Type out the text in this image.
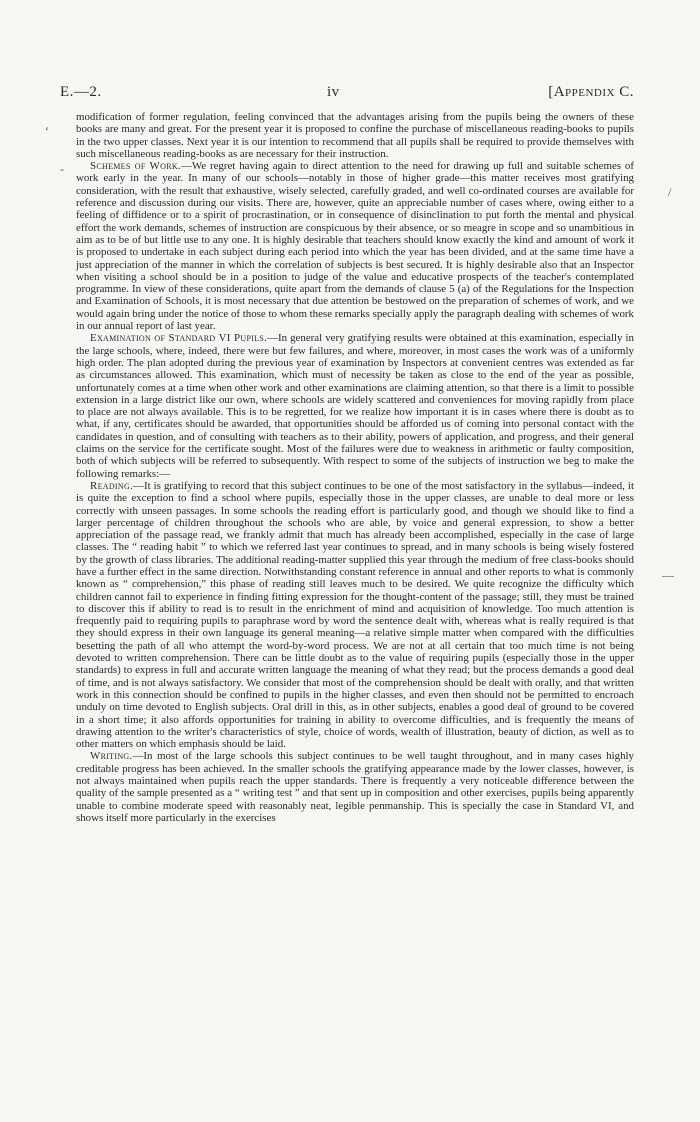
E.—2.	iv	[Appendix C.
‘
-
/
—

modification of former regulation, feeling convinced that the advantages arising from the pupils being the owners of these books are many and great. For the present year it is proposed to confine the purchase of miscellaneous reading-books to pupils in the two upper classes. Next year it is our intention to recommend that all pupils shall be required to provide themselves with such miscellaneous reading-books as are necessary for their instruction.

Schemes of Work.—We regret having again to direct attention to the need for drawing up full and suitable schemes of work early in the year. In many of our schools—notably in those of higher grade—this matter receives most gratifying consideration, with the result that exhaustive, wisely selected, carefully graded, and well co-ordinated courses are available for reference and discussion during our visits. There are, however, quite an appreciable number of cases where, owing either to a feeling of diffidence or to a spirit of procrastination, or in consequence of disinclination to put forth the mental and physical effort the work demands, schemes of instruction are conspicuous by their absence, or so meagre in scope and so unambitious in aim as to be of but little use to any one. It is highly desirable that teachers should know exactly the kind and amount of work it is proposed to undertake in each subject during each period into which the year has been divided, and at the same time have a just appreciation of the manner in which the correlation of subjects is best secured. It is highly desirable also that an Inspector when visiting a school should be in a position to judge of the value and educative prospects of the teacher's contemplated programme. In view of these considerations, quite apart from the demands of clause 5 (a) of the Regulations for the Inspection and Examination of Schools, it is most necessary that due attention be bestowed on the preparation of schemes of work, and we would again bring under the notice of those to whom these remarks specially apply the paragraph dealing with schemes of work in our annual report of last year.

Examination of Standard VI Pupils.—In general very gratifying results were obtained at this examination, especially in the large schools, where, indeed, there were but few failures, and where, moreover, in most cases the work was of a uniformly high order. The plan adopted during the previous year of examination by Inspectors at convenient centres was extended as far as circumstances allowed. This examination, which must of necessity be taken as close to the end of the year as possible, unfortunately comes at a time when other work and other examinations are claiming attention, so that there is a limit to possible extension in a large district like our own, where schools are widely scattered and conveniences for moving rapidly from place to place are not always available. This is to be regretted, for we realize how important it is in cases where there is doubt as to what, if any, certificates should be awarded, that opportunities should be afforded us of coming into personal contact with the candidates in question, and of consulting with teachers as to their ability, powers of application, and progress, and their general claims on the service for the certificate sought. Most of the failures were due to weakness in arithmetic or faulty composition, both of which subjects will be referred to subsequently. With respect to some of the subjects of instruction we beg to make the following remarks:—

Reading.—It is gratifying to record that this subject continues to be one of the most satisfactory in the syllabus—indeed, it is quite the exception to find a school where pupils, especially those in the upper classes, are unable to deal more or less correctly with unseen passages. In some schools the reading effort is particularly good, and though we should like to find a larger percentage of children throughout the schools who are able, by voice and general expression, to show a better appreciation of the passage read, we frankly admit that much has already been accomplished, especially in the case of large classes. The “ reading habit ” to which we referred last year continues to spread, and in many schools is being wisely fostered by the growth of class libraries. The additional reading-matter supplied this year through the medium of free class-books should have a further effect in the same direction. Notwithstanding constant reference in annual and other reports to what is commonly known as “ comprehension,” this phase of reading still leaves much to be desired. We quite recognize the difficulty which children cannot fail to experience in finding fitting expression for the thought-content of the passage; still, they must be trained to discover this if ability to read is to result in the enrichment of mind and acquisition of knowledge. Too much attention is frequently paid to requiring pupils to paraphrase word by word the sentence dealt with, whereas what is really required is that they should express in their own language its general meaning—a relative simple matter when compared with the difficulties besetting the path of all who attempt the word-by-word process. We are not at all certain that too much time is not being devoted to written comprehension. There can be little doubt as to the value of requiring pupils (especially those in the upper standards) to express in full and accurate written language the meaning of what they read; but the process demands a good deal of time, and is not always satisfactory. We consider that most of the comprehension should be dealt with orally, and that written work in this connection should be confined to pupils in the higher classes, and even then should not be permitted to encroach unduly on time devoted to English subjects. Oral drill in this, as in other subjects, enables a good deal of ground to be covered in a short time; it also affords opportunities for training in ability to overcome difficulties, and is frequently the means of drawing attention to the writer's characteristics of style, choice of words, wealth of illustration, beauty of diction, as well as to other matters on which emphasis should be laid.

Writing.—In most of the large schools this subject continues to be well taught throughout, and in many cases highly creditable progress has been achieved. In the smaller schools the gratifying appearance made by the lower classes, however, is not always maintained when pupils reach the upper standards. There is frequently a very noticeable difference between the quality of the sample presented as a “ writing test ” and that sent up in composition and other exercises, pupils being apparently unable to combine moderate speed with reasonably neat, legible penmanship. This is specially the case in Standard VI, and shows itself more particularly in the exercises
